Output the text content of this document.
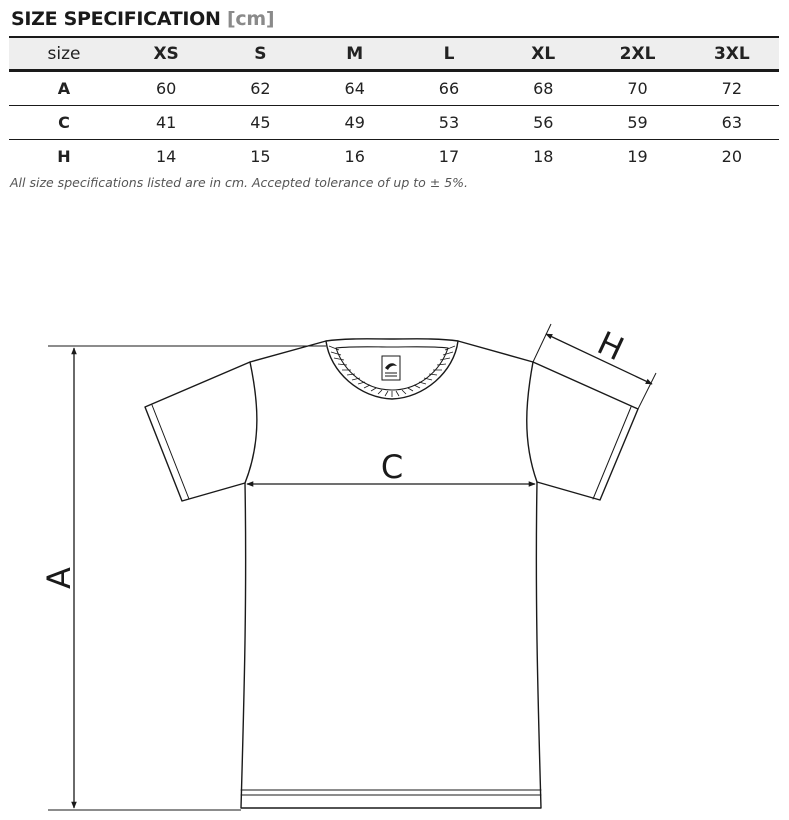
SIZE SPECIFICATION [cm]
size	XS	S	M	L	XL	2XL	3XL
A	60	62	64	66	68	70	72
C	41	45	49	53	56	59	63
H	14	15	16	17	18	19	20
All size specifications listed are in cm. Accepted tolerance of up to ± 5%.
A
C
H
